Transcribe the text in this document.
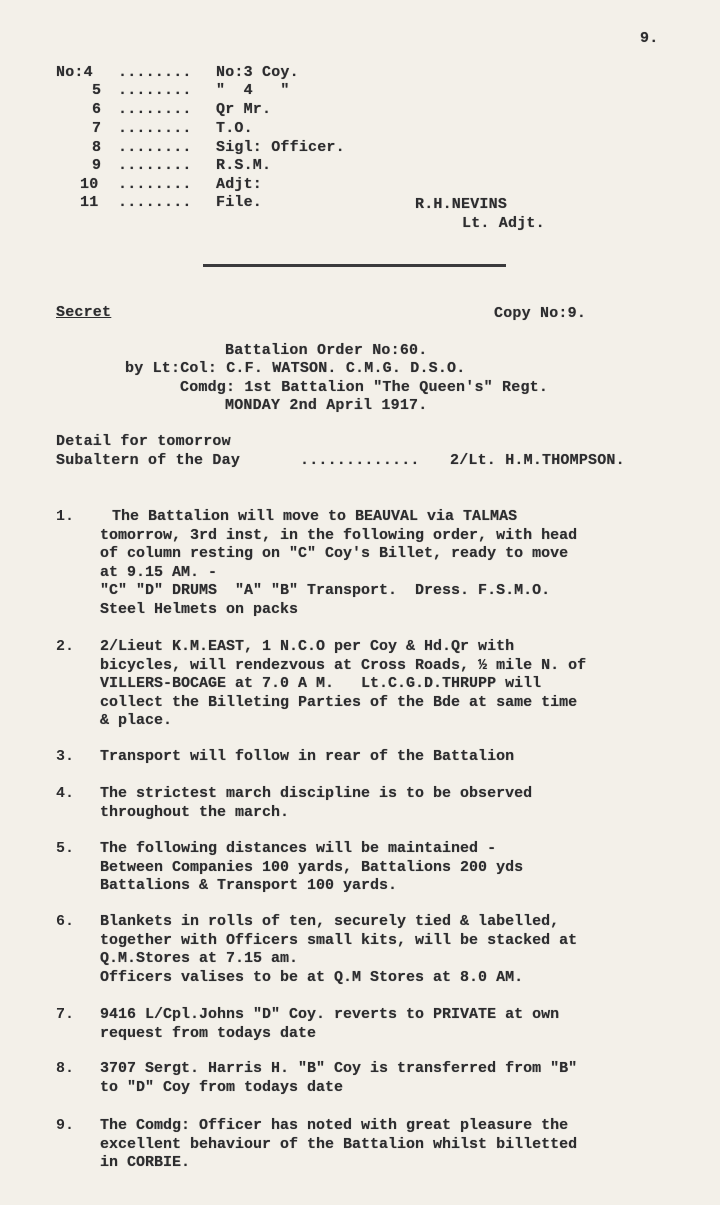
9.
No:4 ........ No:3 Coy.
5 ........ "  4   "
6 ........ Qr Mr.
7 ........ T.O.
8 ........ Sigl: Officer.
9 ........ R.S.M.
10 ........ Adjt:
11 ........ File.	R.H.NEVINS
Lt. Adjt.
Secret	Copy No:9.
Battalion Order No:60.
by Lt:Col: C.F. WATSON. C.M.G. D.S.O.
Comdg: 1st Battalion "The Queen's" Regt.
MONDAY 2nd April 1917.
Detail for tomorrow
Subaltern of the Day	............. 2/Lt. H.M.THOMPSON.
1.	The Battalion will move to BEAUVAL via TALMAS
tomorrow, 3rd inst, in the following order, with head
of column resting on "C" Coy's Billet, ready to move
at 9.15 AM. -
"C" "D" DRUMS  "A" "B" Transport.  Dress. F.S.M.O.
Steel Helmets on packs
2. 2/Lieut K.M.EAST, 1 N.C.O per Coy & Hd.Qr with
bicycles, will rendezvous at Cross Roads, ½ mile N. of
VILLERS-BOCAGE at 7.0 A M.   Lt.C.G.D.THRUPP will
collect the Billeting Parties of the Bde at same time
& place.
3. Transport will follow in rear of the Battalion
4. The strictest march discipline is to be observed
throughout the march.
5. The following distances will be maintained -
Between Companies 100 yards, Battalions 200 yds
Battalions & Transport 100 yards.
6. Blankets in rolls of ten, securely tied & labelled,
together with Officers small kits, will be stacked at
Q.M.Stores at 7.15 am.
Officers valises to be at Q.M Stores at 8.0 AM.
7. 9416 L/Cpl.Johns "D" Coy. reverts to PRIVATE at own
request from todays date
8. 3707 Sergt. Harris H. "B" Coy is transferred from "B"
to "D" Coy from todays date
9. The Comdg: Officer has noted with great pleasure the
excellent behaviour of the Battalion whilst billetted
in CORBIE.
